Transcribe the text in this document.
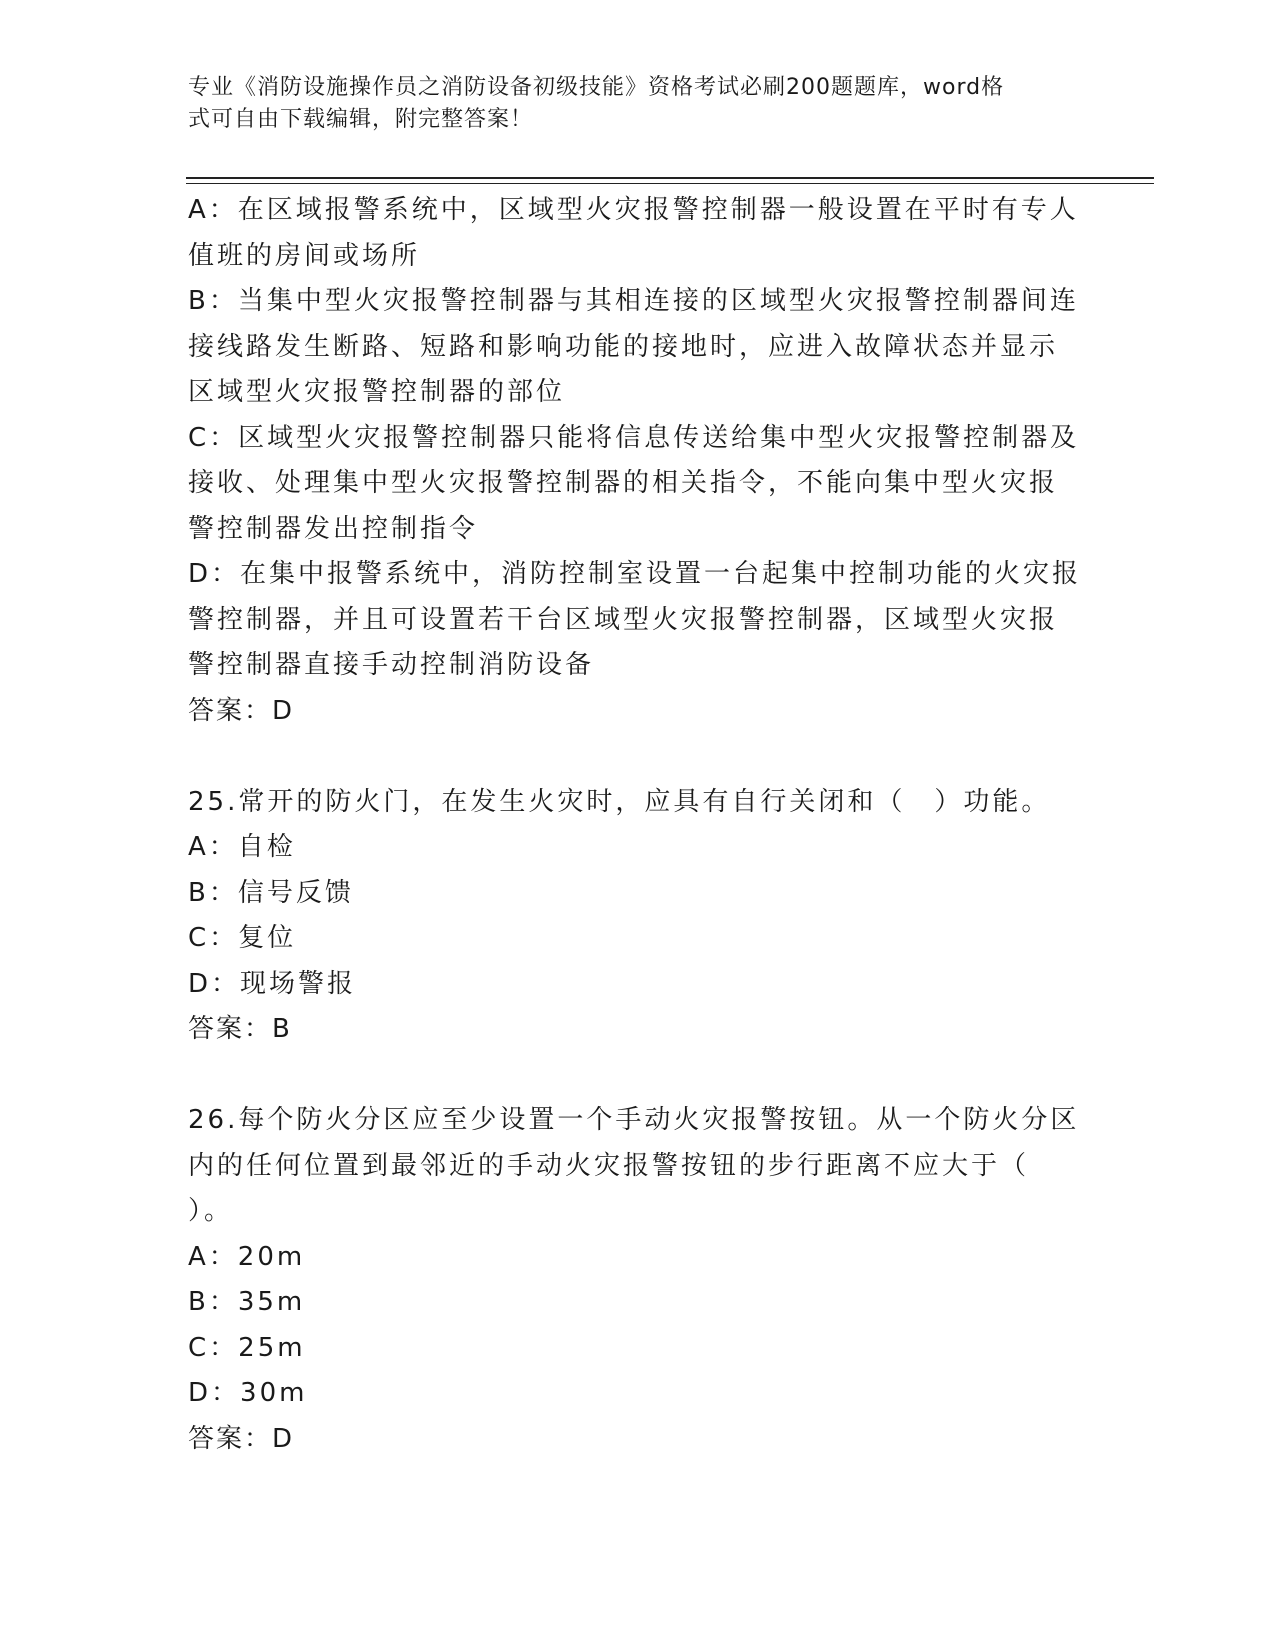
专业《消防设施操作员之消防设备初级技能》资格考试必刷200题题库，word格
式可自由下载编辑，附完整答案！
A：在区域报警系统中，区域型火灾报警控制器一般设置在平时有专人
值班的房间或场所
B：当集中型火灾报警控制器与其相连接的区域型火灾报警控制器间连
接线路发生断路、短路和影响功能的接地时，应进入故障状态并显示
区域型火灾报警控制器的部位
C：区域型火灾报警控制器只能将信息传送给集中型火灾报警控制器及
接收、处理集中型火灾报警控制器的相关指令，不能向集中型火灾报
警控制器发出控制指令
D：在集中报警系统中，消防控制室设置一台起集中控制功能的火灾报
警控制器，并且可设置若干台区域型火灾报警控制器，区域型火灾报
警控制器直接手动控制消防设备
答案：D
25.常开的防火门，在发生火灾时，应具有自行关闭和（　）功能。
A：自检
B：信号反馈
C：复位
D：现场警报
答案：B
26.每个防火分区应至少设置一个手动火灾报警按钮。从一个防火分区
内的任何位置到最邻近的手动火灾报警按钮的步行距离不应大于（
）。
A：20m
B：35m
C：25m
D：30m
答案：D
